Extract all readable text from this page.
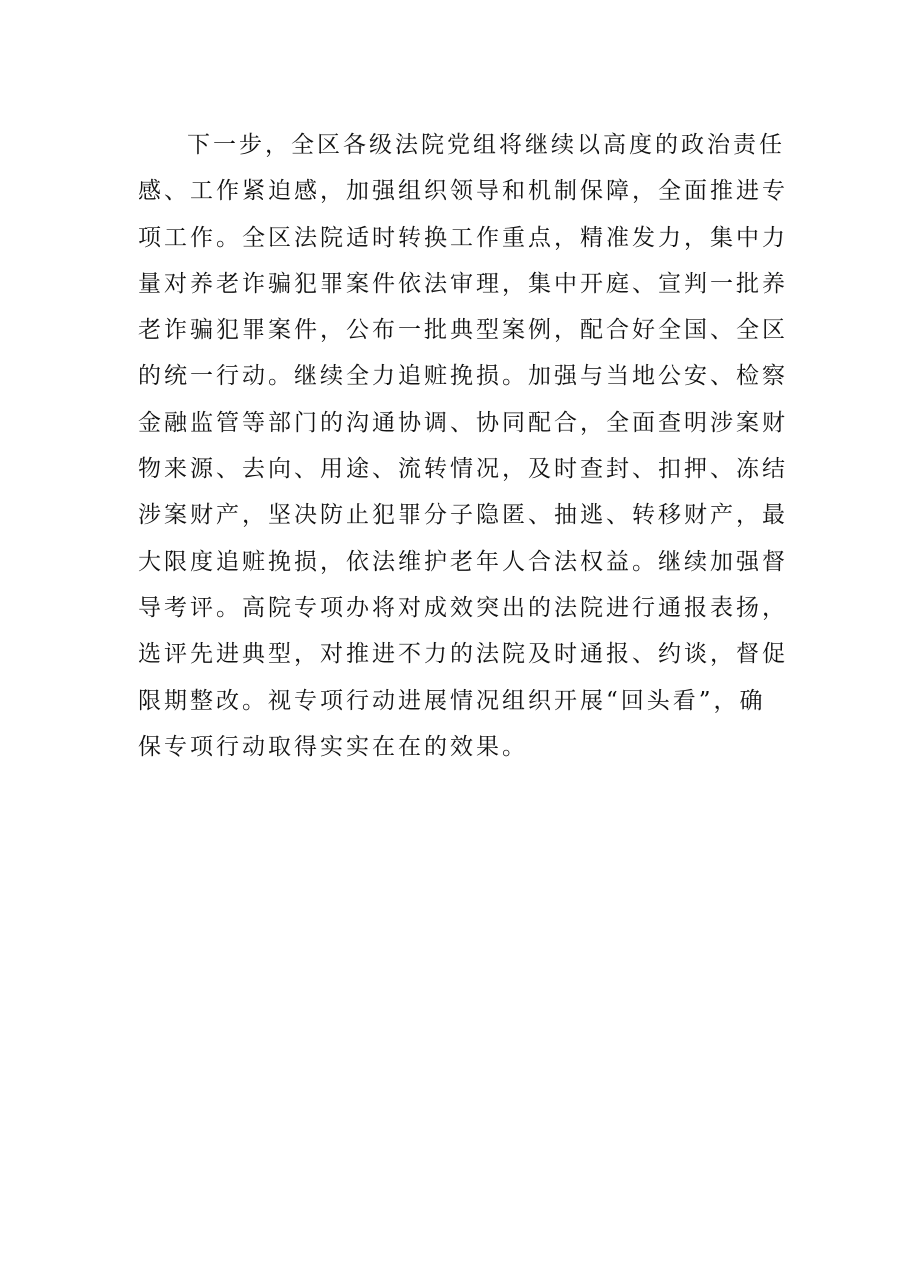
下一步，全区各级法院党组将继续以高度的政治责任
感、工作紧迫感，加强组织领导和机制保障，全面推进专
项工作。全区法院适时转换工作重点，精准发力，集中力
量对养老诈骗犯罪案件依法审理，集中开庭、宣判一批养
老诈骗犯罪案件，公布一批典型案例，配合好全国、全区
的统一行动。继续全力追赃挽损。加强与当地公安、检察
金融监管等部门的沟通协调、协同配合，全面查明涉案财
物来源、去向、用途、流转情况，及时查封、扣押、冻结
涉案财产，坚决防止犯罪分子隐匿、抽逃、转移财产，最
大限度追赃挽损，依法维护老年人合法权益。继续加强督
导考评。高院专项办将对成效突出的法院进行通报表扬，
选评先进典型，对推进不力的法院及时通报、约谈，督促
限期整改。视专项行动进展情况组织开展“回头看”，确
保专项行动取得实实在在的效果。
